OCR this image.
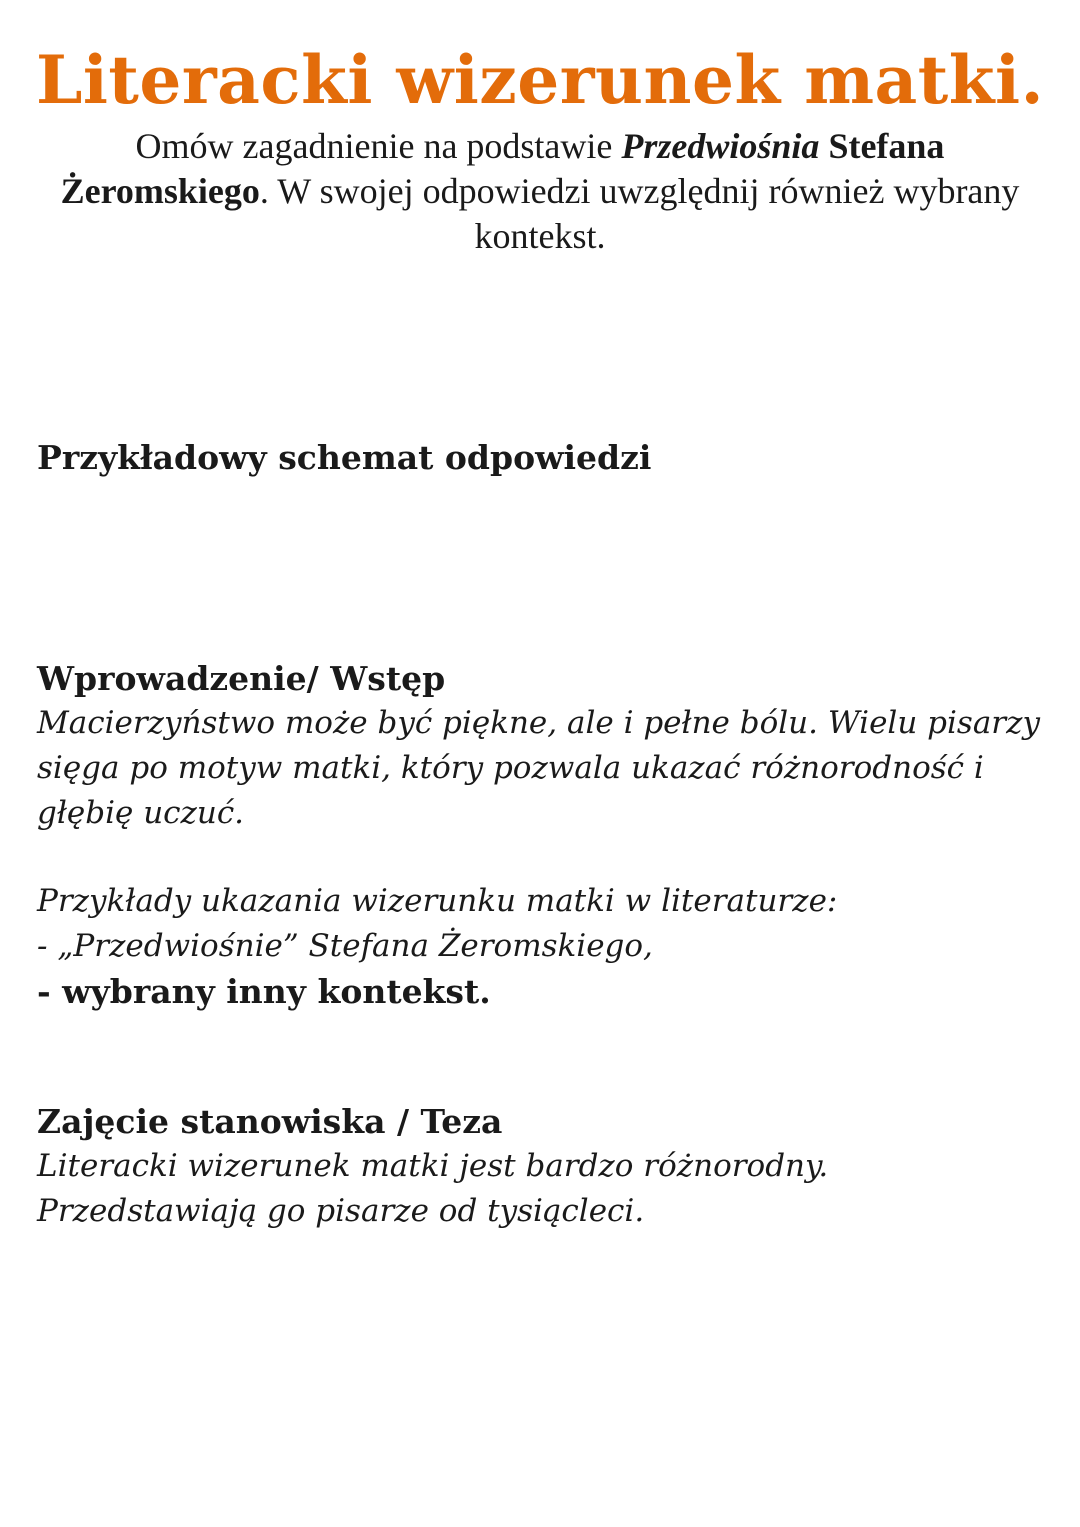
Literacki wizerunek matki.

Omów zagadnienie na podstawie Przedwiośnia Stefana
Żeromskiego. W swojej odpowiedzi uwzględnij również wybrany kontekst.

Przykładowy schemat odpowiedzi
Wprowadzenie/ Wstęp

Macierzyństwo może być piękne, ale i pełne bólu. Wielu pisarzy sięga po motyw matki, który pozwala ukazać różnorodność i głębię uczuć.

Przykłady ukazania wizerunku matki w literaturze:
- „Przedwiośnie” Stefana Żeromskiego,
- wybrany inny kontekst.
Zajęcie stanowiska / Teza

Literacki wizerunek matki jest bardzo różnorodny. Przedstawiają go pisarze od tysiącleci.
